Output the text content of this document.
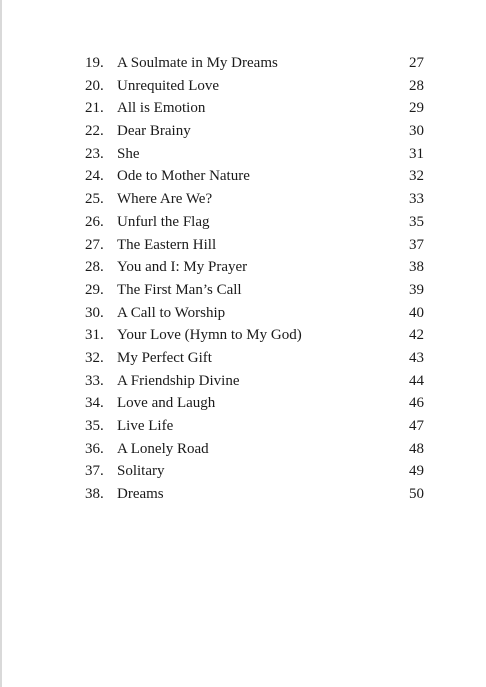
19. A Soulmate in My Dreams	27
20. Unrequited Love	28
21. All is Emotion	29
22. Dear Brainy	30
23. She	31
24. Ode to Mother Nature	32
25. Where Are We?	33
26. Unfurl the Flag	35
27. The Eastern Hill	37
28. You and I: My Prayer	38
29. The First Man’s Call	39
30. A Call to Worship	40
31. Your Love (Hymn to My God)	42
32. My Perfect Gift	43
33. A Friendship Divine	44
34. Love and Laugh	46
35. Live Life	47
36. A Lonely Road	48
37. Solitary	49
38. Dreams	50
